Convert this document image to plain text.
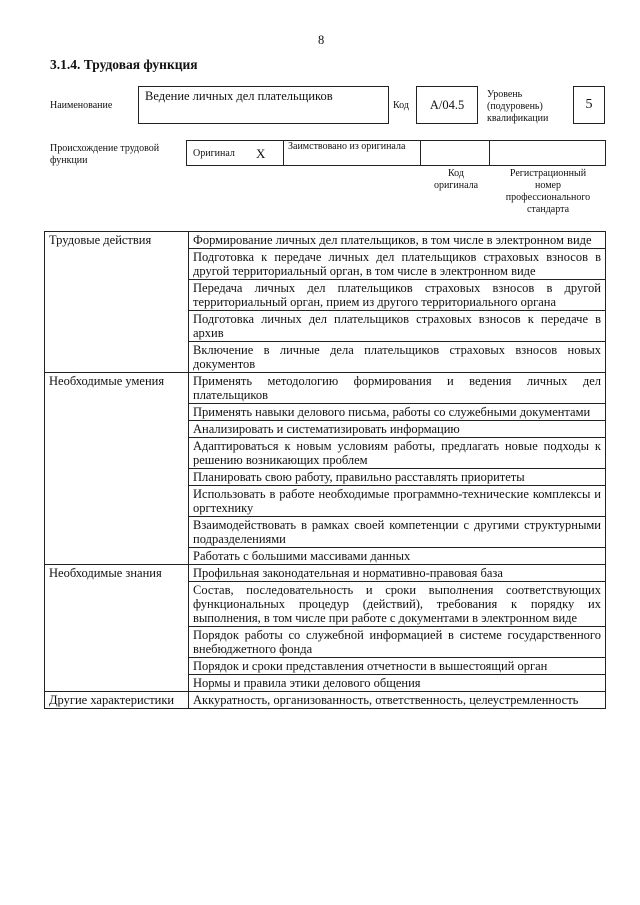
8
3.1.4. Трудовая функция
Наименование
Ведение личных дел плательщиков
Код	А/04.5
Уровень (подуровень) квалификации
5
Происхождение трудовой функции
Оригинал X Заимствовано из оригинала
Код оригинала
Регистрационный номер профессионального стандарта
Трудовые действия	Формирование личных дел плательщиков, в том числе в электронном виде
	Подготовка к передаче личных дел плательщиков страховых взносов в другой территориальный орган, в том числе в электронном виде
	Передача личных дел плательщиков страховых взносов в другой территориальный орган, прием из другого территориального органа
	Подготовка личных дел плательщиков страховых взносов к передаче в архив
	Включение в личные дела плательщиков страховых взносов новых документов
Необходимые умения	Применять методологию формирования и ведения личных дел плательщиков
	Применять навыки делового письма, работы со служебными документами
	Анализировать и систематизировать информацию
	Адаптироваться к новым условиям работы, предлагать новые подходы к решению возникающих проблем
	Планировать свою работу, правильно расставлять приоритеты
	Использовать в работе необходимые программно-технические комплексы и оргтехнику
	Взаимодействовать в рамках своей компетенции с другими структурными подразделениями
	Работать с большими массивами данных
Необходимые знания	Профильная законодательная и нормативно-правовая база
	Состав, последовательность и сроки выполнения соответствующих функциональных процедур (действий), требования к порядку их выполнения, в том числе при работе с документами в электронном виде
	Порядок работы со служебной информацией в системе государственного внебюджетного фонда
	Порядок и сроки представления отчетности в вышестоящий орган
	Нормы и правила этики делового общения
Другие характеристики	Аккуратность, организованность, ответственность, целеустремленность
